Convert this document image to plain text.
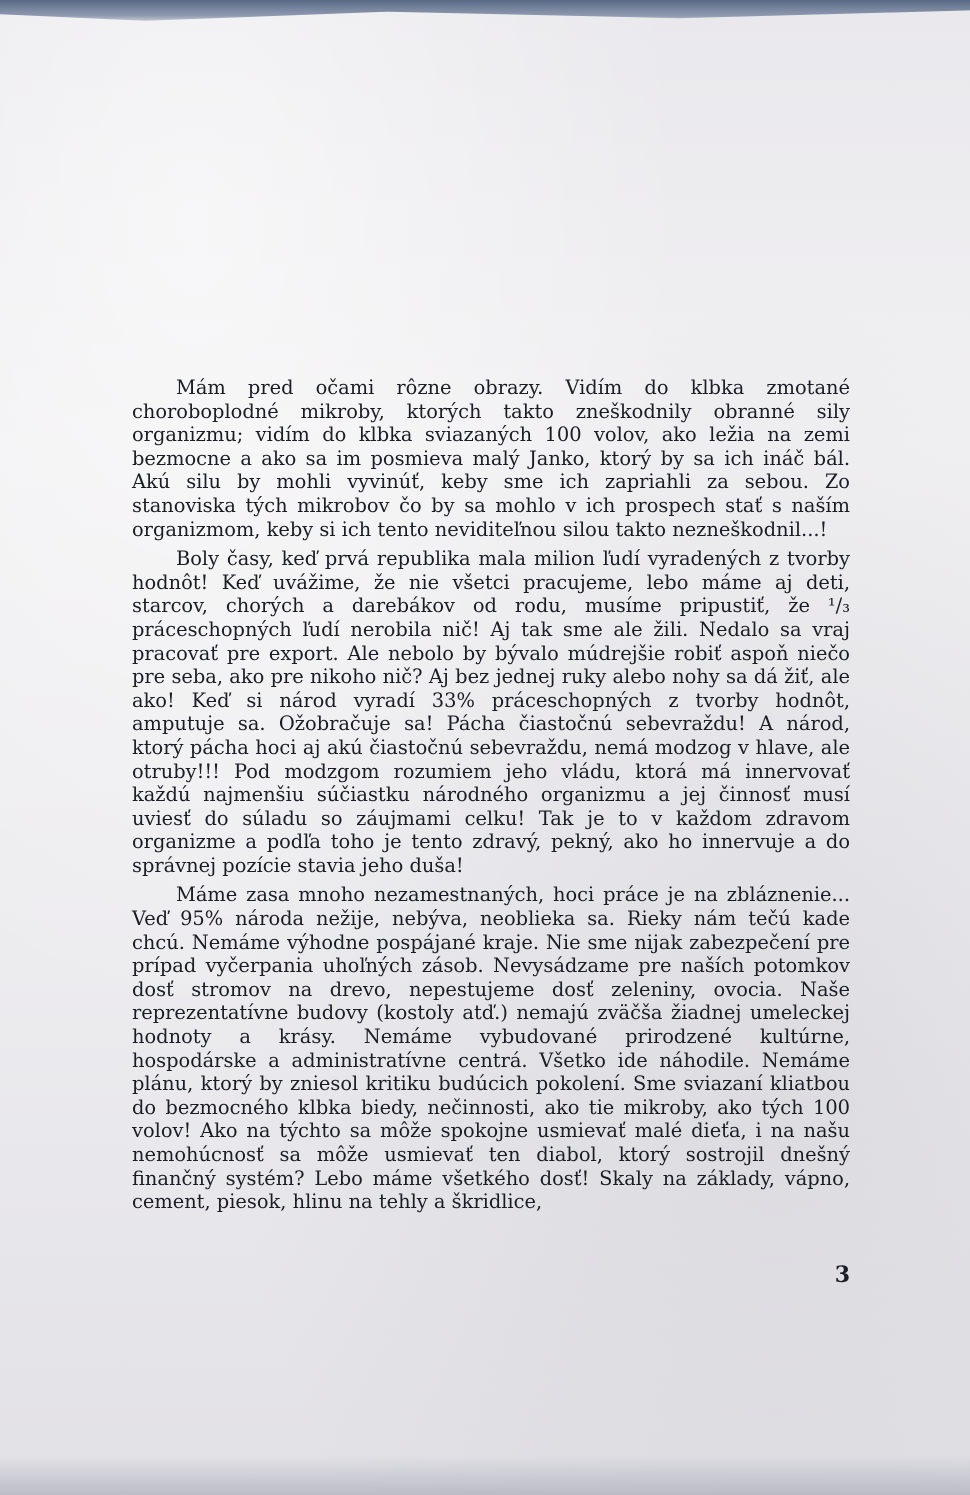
Mám pred očami rôzne obrazy. Vidím do klbka zmotané choroboplodné mikroby, ktorých takto zneškodnily obranné sily organizmu; vidím do klbka sviazaných 100 volov, ako ležia na zemi bezmocne a ako sa im posmieva malý Janko, ktorý by sa ich ináč bál. Akú silu by mohli vyvinúť, keby sme ich zapriahli za sebou. Zo stanoviska tých mikrobov čo by sa mohlo v ich prospech stať s naším organizmom, keby si ich tento neviditeľnou silou takto nezneškodnil...!

Boly časy, keď prvá republika mala milion ľudí vyradených z tvorby hodnôt! Keď uvážime, že nie všetci pracujeme, lebo máme aj deti, starcov, chorých a darebákov od rodu, musíme pripustiť, že ¹/₃ práceschopných ľudí nerobila nič! Aj tak sme ale žili. Nedalo sa vraj pracovať pre export. Ale nebolo by bývalo múdrejšie robiť aspoň niečo pre seba, ako pre nikoho nič? Aj bez jednej ruky alebo nohy sa dá žiť, ale ako! Keď si národ vyradí 33% práceschopných z tvorby hodnôt, amputuje sa. Ožobračuje sa! Pácha čiastočnú sebevraždu! A národ, ktorý pácha hoci aj akú čiastočnú sebevraždu, nemá modzog v hlave, ale otruby!!! Pod modzgom rozumiem jeho vládu, ktorá má innervovať každú najmenšiu súčiastku národného organizmu a jej činnosť musí uviesť do súladu so záujmami celku! Tak je to v každom zdravom organizme a podľa toho je tento zdravý, pekný, ako ho innervuje a do správnej pozície stavia jeho duša!

Máme zasa mnoho nezamestnaných, hoci práce je na zbláznenie... Veď 95% národa nežije, nebýva, neoblieka sa. Rieky nám tečú kade chcú. Nemáme výhodne pospájané kraje. Nie sme nijak zabezpečení pre prípad vyčerpania uhoľných zásob. Nevysádzame pre naších potomkov dosť stromov na drevo, nepestujeme dosť zeleniny, ovocia. Naše reprezentatívne budovy (kostoly atď.) nemajú zväčša žiadnej umeleckej hodnoty a krásy. Nemáme vybudované prirodzené kultúrne, hospodárske a administratívne centrá. Všetko ide náhodile. Nemáme plánu, ktorý by zniesol kritiku budúcich pokolení. Sme sviazaní kliatbou do bezmocného klbka biedy, nečinnosti, ako tie mikroby, ako tých 100 volov! Ako na týchto sa môže spokojne usmievať malé dieťa, i na našu nemohúcnosť sa môže usmievať ten diabol, ktorý sostrojil dnešný finančný systém? Lebo máme všetkého dosť! Skaly na základy, vápno, cement, piesok, hlinu na tehly a škridlice,

3
